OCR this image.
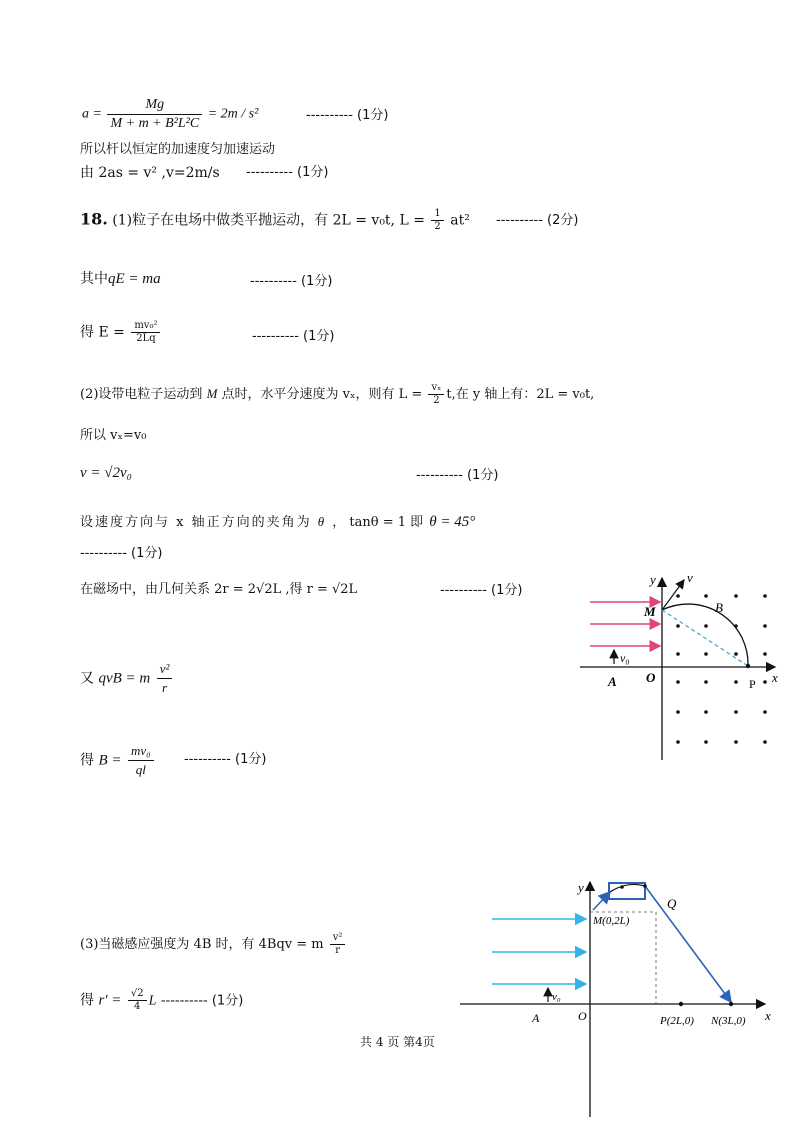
$a = \frac{Mg}{\text{M + m + B²L²C}} = 2m / s^2$	---------- (1分)
所以杆以恒定的加速度匀加速运动
由 2as = v² ,v=2m/s ---------- (1分)
18. (1)粒子在电场中做类平抛运动，有 2L = v₀t, $L = \frac{1}{2} at^2$ ---------- (2分)
其中qE = ma	---------- (1分)
得 $E = \frac{\text{mv₀²}}{2Lq}$	---------- (1分)
(2)设带电粒子运动到 M 点时，水平分速度为 vₓ，则有 $L = \frac{\text{vₓ}}{2} t$,在 y 轴上有：2L = v₀t,
所以 vₓ=v₀
v = √2v₀	---------- (1分)
设速度方向与 x 轴正方向的夹角为 θ ， tanθ = 1 即 θ = 45°
---------- (1分)
在磁场中，由几何关系 2r = 2√2L ,得 r = √2L	---------- (1分)
又 qvB = m $\frac{\text{v²}}{r}$
得 $B = \frac{\text{mv₀}}{ql}$ ---------- (1分)
(3)当磁感应强度为 4B 时，有 4Bqv = m $\frac{\text{v²}}{r}$
得 $r' = \frac{√2}{4}$ L ---------- (1分)
共 4 页 第4页
y v
M	B
O	P
A
v₀
x
y
Q
M(0,2L)
v₀
A	O	P(2L,0) N(3L,0) x
